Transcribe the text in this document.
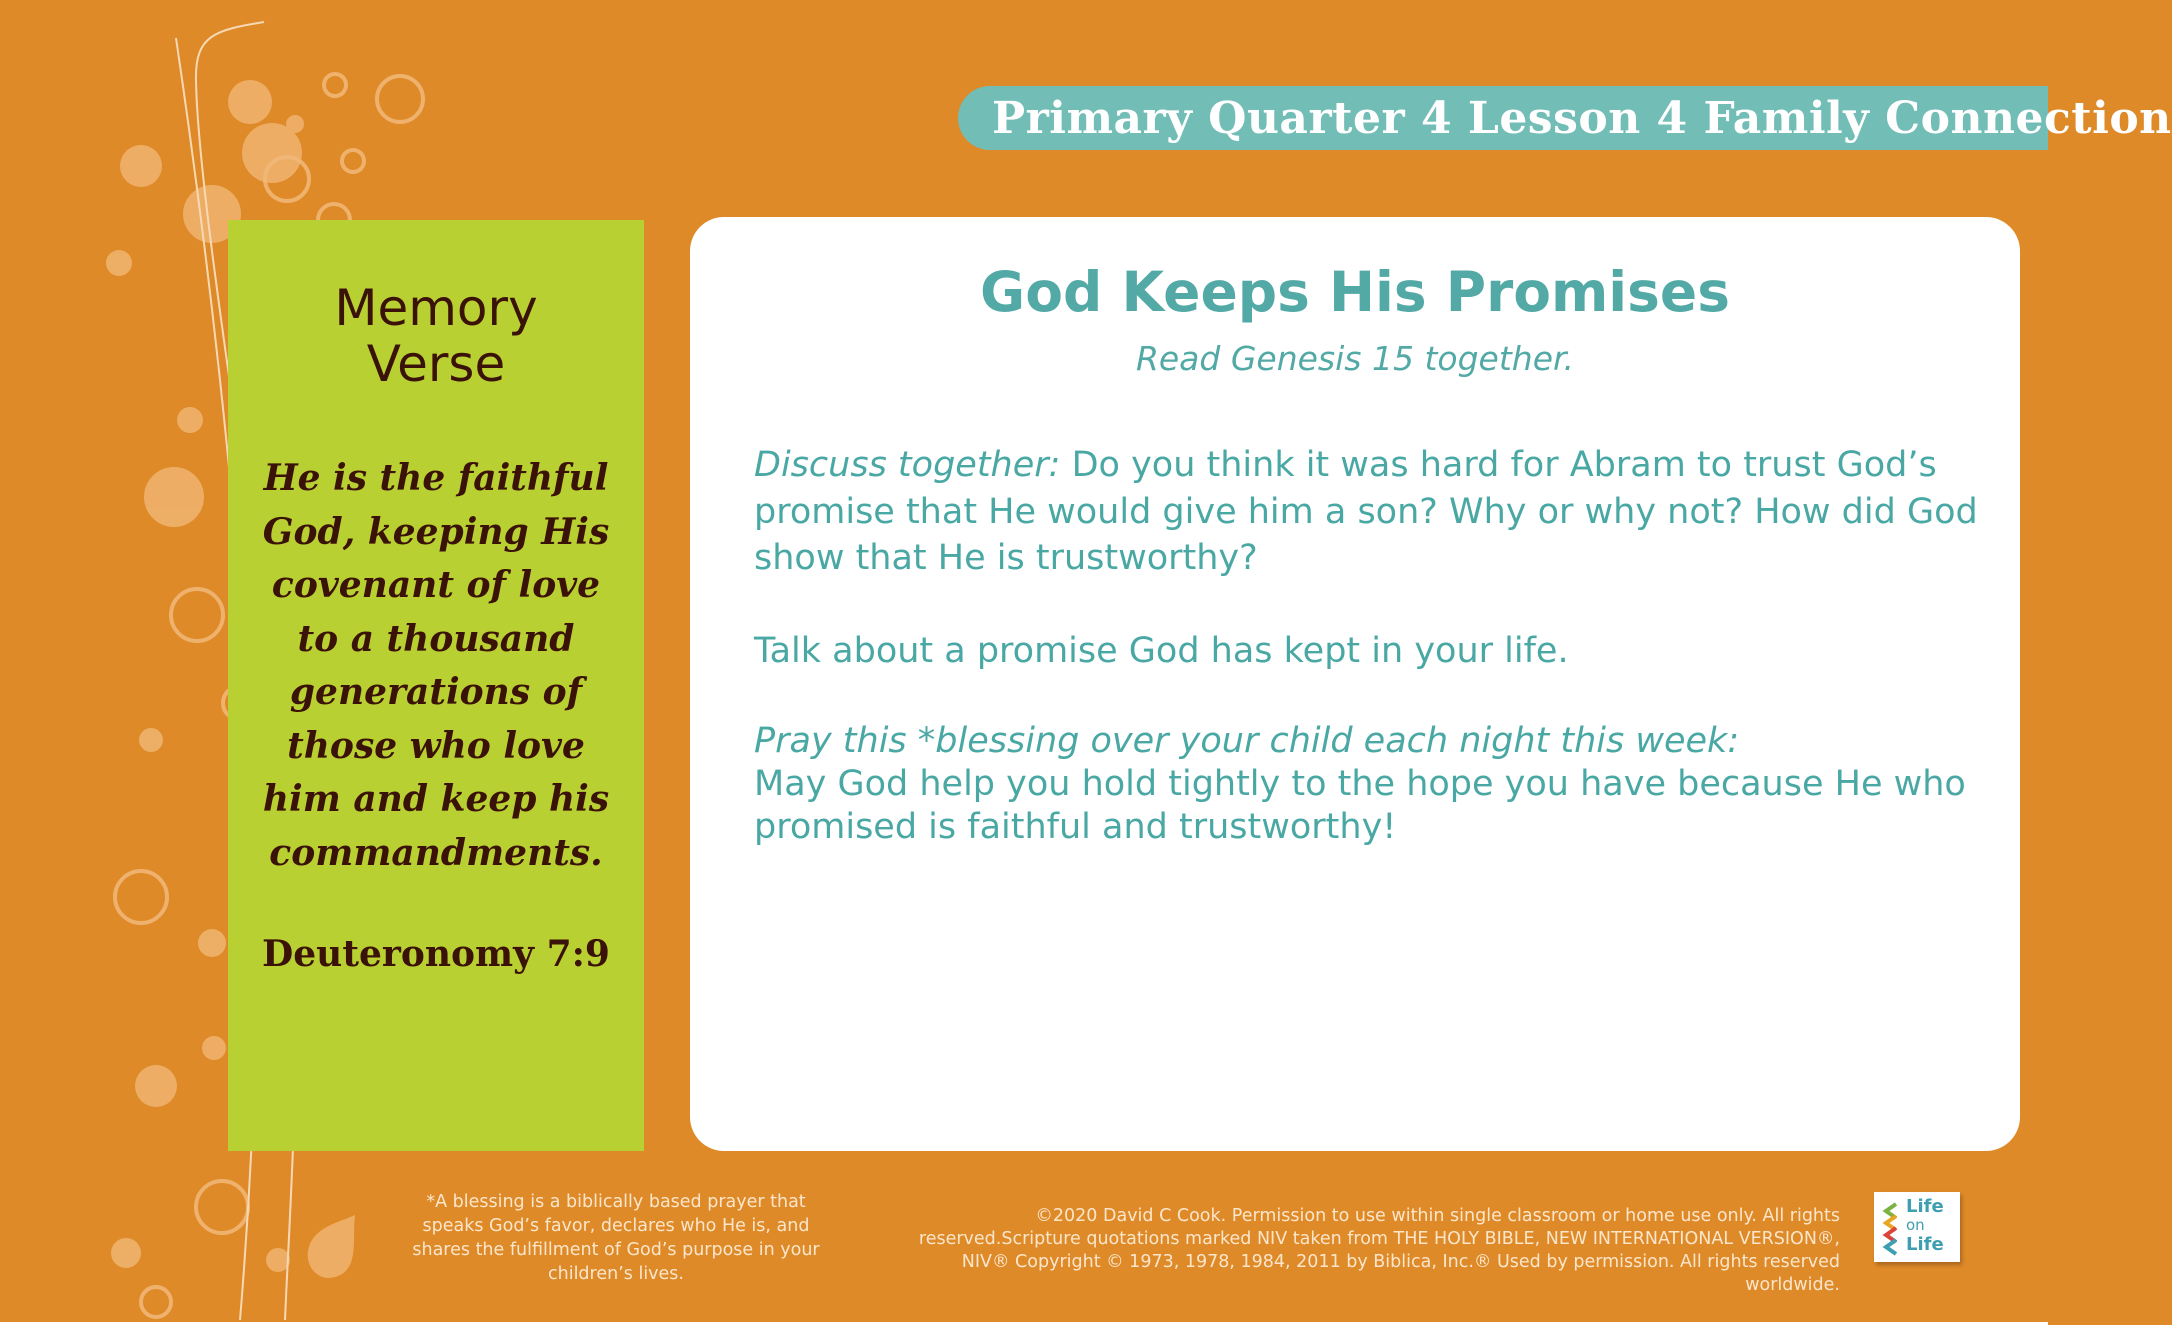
Primary Quarter 4 Lesson 4 Family Connection
Memory
Verse
He is the faithful
God, keeping His
covenant of love
to a thousand
generations of
those who love
him and keep his
commandments.
Deuteronomy 7:9
God Keeps His Promises
Read Genesis 15 together.

Discuss together: Do you think it was hard for Abram to trust God’s promise that He would give him a son? Why or why not? How did God show that He is trustworthy?

Talk about a promise God has kept in your life.

Pray this *blessing over your child each night this week:
May God help you hold tightly to the hope you have because He who promised is faithful and trustworthy!

*A blessing is a biblically based prayer that speaks God’s favor, declares who He is, and shares the fulfillment of God’s purpose in your children’s lives.
©2020 David C Cook. Permission to use within single classroom or home use only. All rights reserved.Scripture quotations marked NIV taken from THE HOLY BIBLE, NEW INTERNATIONAL VERSION®, NIV® Copyright © 1973, 1978, 1984, 2011 by Biblica, Inc.® Used by permission. All rights reserved worldwide.
Life
on
Life
